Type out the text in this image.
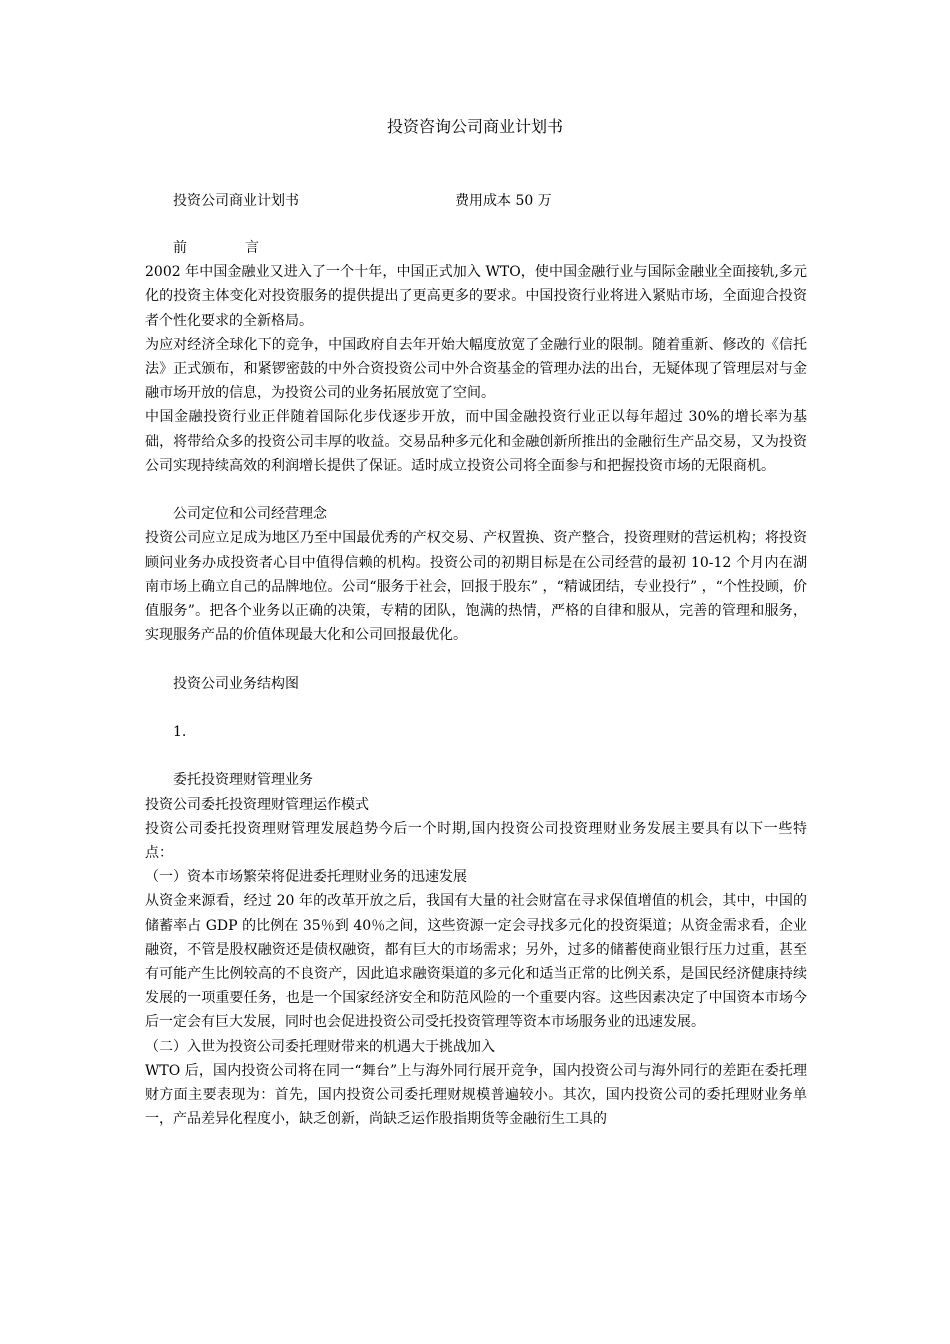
投资咨询公司商业计划书
投资公司商业计划书	费用成本 50 万

前言

2002 年中国金融业又进入了一个十年，中国正式加入 WTO，使中国金融行业与国际金融业全面接轨,多元化的投资主体变化对投资服务的提供提出了更高更多的要求。中国投资行业将进入紧贴市场，全面迎合投资者个性化要求的全新格局。

为应对经济全球化下的竞争，中国政府自去年开始大幅度放宽了金融行业的限制。随着重新、修改的《信托法》正式颁布，和紧锣密鼓的中外合资投资公司中外合资基金的管理办法的出台，无疑体现了管理层对与金融市场开放的信息，为投资公司的业务拓展放宽了空间。

中国金融投资行业正伴随着国际化步伐逐步开放，而中国金融投资行业正以每年超过 30%的增长率为基础，将带给众多的投资公司丰厚的收益。交易品种多元化和金融创新所推出的金融衍生产品交易，又为投资公司实现持续高效的利润增长提供了保证。适时成立投资公司将全面参与和把握投资市场的无限商机。

公司定位和公司经营理念

投资公司应立足成为地区乃至中国最优秀的产权交易、产权置换、资产整合，投资理财的营运机构；将投资顾问业务办成投资者心目中值得信赖的机构。投资公司的初期目标是在公司经营的最初 10-12 个月内在湖南市场上确立自己的品牌地位。公司“服务于社会，回报于股东” ，“精诚团结，专业投行” ，“个性投顾，价值服务”。把各个业务以正确的决策，专精的团队，饱满的热情，严格的自律和服从，完善的管理和服务，实现服务产品的价值体现最大化和公司回报最优化。

投资公司业务结构图

1.

委托投资理财管理业务

投资公司委托投资理财管理运作模式

投资公司委托投资理财管理发展趋势今后一个时期,国内投资公司投资理财业务发展主要具有以下一些特点：

（一）资本市场繁荣将促进委托理财业务的迅速发展

从资金来源看，经过 20 年的改革开放之后，我国有大量的社会财富在寻求保值增值的机会，其中，中国的储蓄率占 GDP 的比例在 35％到 40％之间，这些资源一定会寻找多元化的投资渠道；从资金需求看，企业融资，不管是股权融资还是债权融资，都有巨大的市场需求；另外，过多的储蓄使商业银行压力过重，甚至有可能产生比例较高的不良资产，因此追求融资渠道的多元化和适当正常的比例关系，是国民经济健康持续发展的一项重要任务，也是一个国家经济安全和防范风险的一个重要内容。这些因素决定了中国资本市场今后一定会有巨大发展，同时也会促进投资公司受托投资管理等资本市场服务业的迅速发展。

（二）入世为投资公司委托理财带来的机遇大于挑战加入

WTO 后，国内投资公司将在同一“舞台”上与海外同行展开竞争，国内投资公司与海外同行的差距在委托理财方面主要表现为：首先，国内投资公司委托理财规模普遍较小。其次，国内投资公司的委托理财业务单一，产品差异化程度小，缺乏创新，尚缺乏运作股指期货等金融衍生工具的
